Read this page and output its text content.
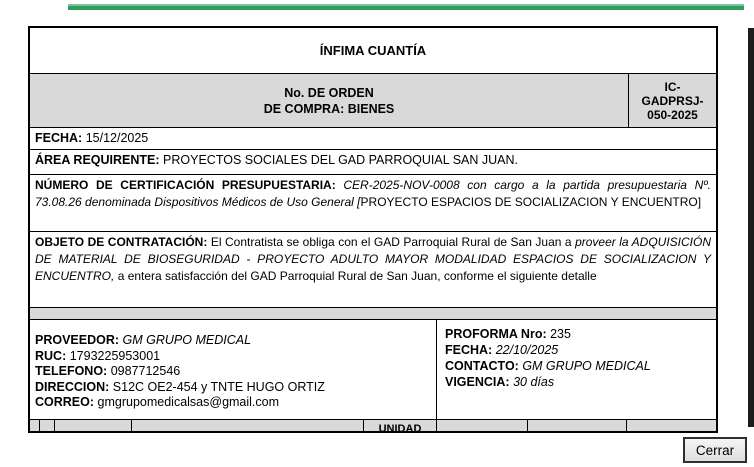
ÍNFIMA CUANTÍA
No. DE ORDEN
DE COMPRA: BIENES
IC-
GADPRSJ-
050-2025
FECHA: 15/12/2025
ÁREA REQUIRENTE: PROYECTOS SOCIALES DEL GAD PARROQUIAL SAN JUAN.
NÚMERO DE CERTIFICACIÓN PRESUPUESTARIA: CER-2025-NOV-0008 con cargo a la partida presupuestaria Nº. 73.08.26 denominada Dispositivos Médicos de Uso General [PROYECTO ESPACIOS DE SOCIALIZACION Y ENCUENTRO]
OBJETO DE CONTRATACIÓN: El Contratista se obliga con el GAD Parroquial Rural de San Juan a proveer la ADQUISICIÓN DE MATERIAL DE BIOSEGURIDAD - PROYECTO ADULTO MAYOR MODALIDAD ESPACIOS DE SOCIALIZACION Y ENCUENTRO, a entera satisfacción del GAD Parroquial Rural de San Juan, conforme el siguiente detalle
PROVEEDOR: GM GRUPO MEDICAL
RUC: 1793225953001
TELEFONO: 0987712546
DIRECCION: S12C OE2-454 y TNTE HUGO ORTIZ
CORREO: gmgrupomedicalsas@gmail.com
PROFORMA Nro: 235
FECHA: 22/10/2025
CONTACTO: GM GRUPO MEDICAL
VIGENCIA: 30 días
UNIDAD
Cerrar
